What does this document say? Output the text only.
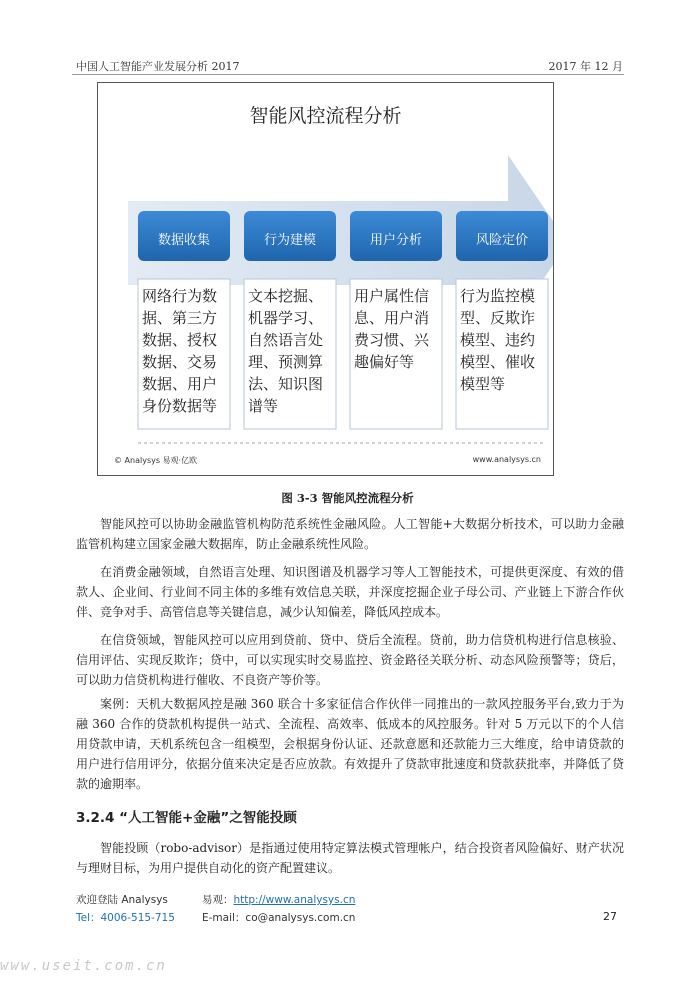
中国人工智能产业发展分析 2017	2017 年 12 月
智能风控流程分析
数据收集	行为建模	用户分析	风险定价
网络行为数据、第三方数据、授权数据、交易数据、用户身份数据等
文本挖掘、机器学习、自然语言处理、预测算法、知识图谱等
用户属性信息、用户消费习惯、兴趣偏好等
行为监控模型、反欺诈模型、违约模型、催收模型等
© Analysys 易观·亿欧	www.analysys.cn
图 3-3 智能风控流程分析
智能风控可以协助金融监管机构防范系统性金融风险。人工智能+大数据分析技术，可以助力金融监管机构建立国家金融大数据库，防止金融系统性风险。
在消费金融领域，自然语言处理、知识图谱及机器学习等人工智能技术，可提供更深度、有效的借款人、企业间、行业间不同主体的多维有效信息关联，并深度挖掘企业子母公司、产业链上下游合作伙伴、竞争对手、高管信息等关键信息，减少认知偏差，降低风控成本。
在信贷领域，智能风控可以应用到贷前、贷中、贷后全流程。贷前，助力信贷机构进行信息核验、信用评估、实现反欺诈；贷中，可以实现实时交易监控、资金路径关联分析、动态风险预警等；贷后，可以助力信贷机构进行催收、不良资产等价等。
案例：天机大数据风控是融 360 联合十多家征信合作伙伴一同推出的一款风控服务平台,致力于为融 360 合作的贷款机构提供一站式、全流程、高效率、低成本的风控服务。针对 5 万元以下的个人信用贷款申请，天机系统包含一组模型，会根据身份认证、还款意愿和还款能力三大维度，给申请贷款的用户进行信用评分，依据分值来决定是否应放款。有效提升了贷款审批速度和贷款获批率，并降低了贷款的逾期率。
3.2.4 “人工智能+金融”之智能投顾
智能投顾（robo-advisor）是指通过使用特定算法模式管理帐户，结合投资者风险偏好、财产状况与理财目标，为用户提供自动化的资产配置建议。
欢迎登陆 Analysys	易观：http://www.analysys.cn
Tel：4006-515-715	E-mail：co@analysys.com.cn	27
www.useit.com.cn
